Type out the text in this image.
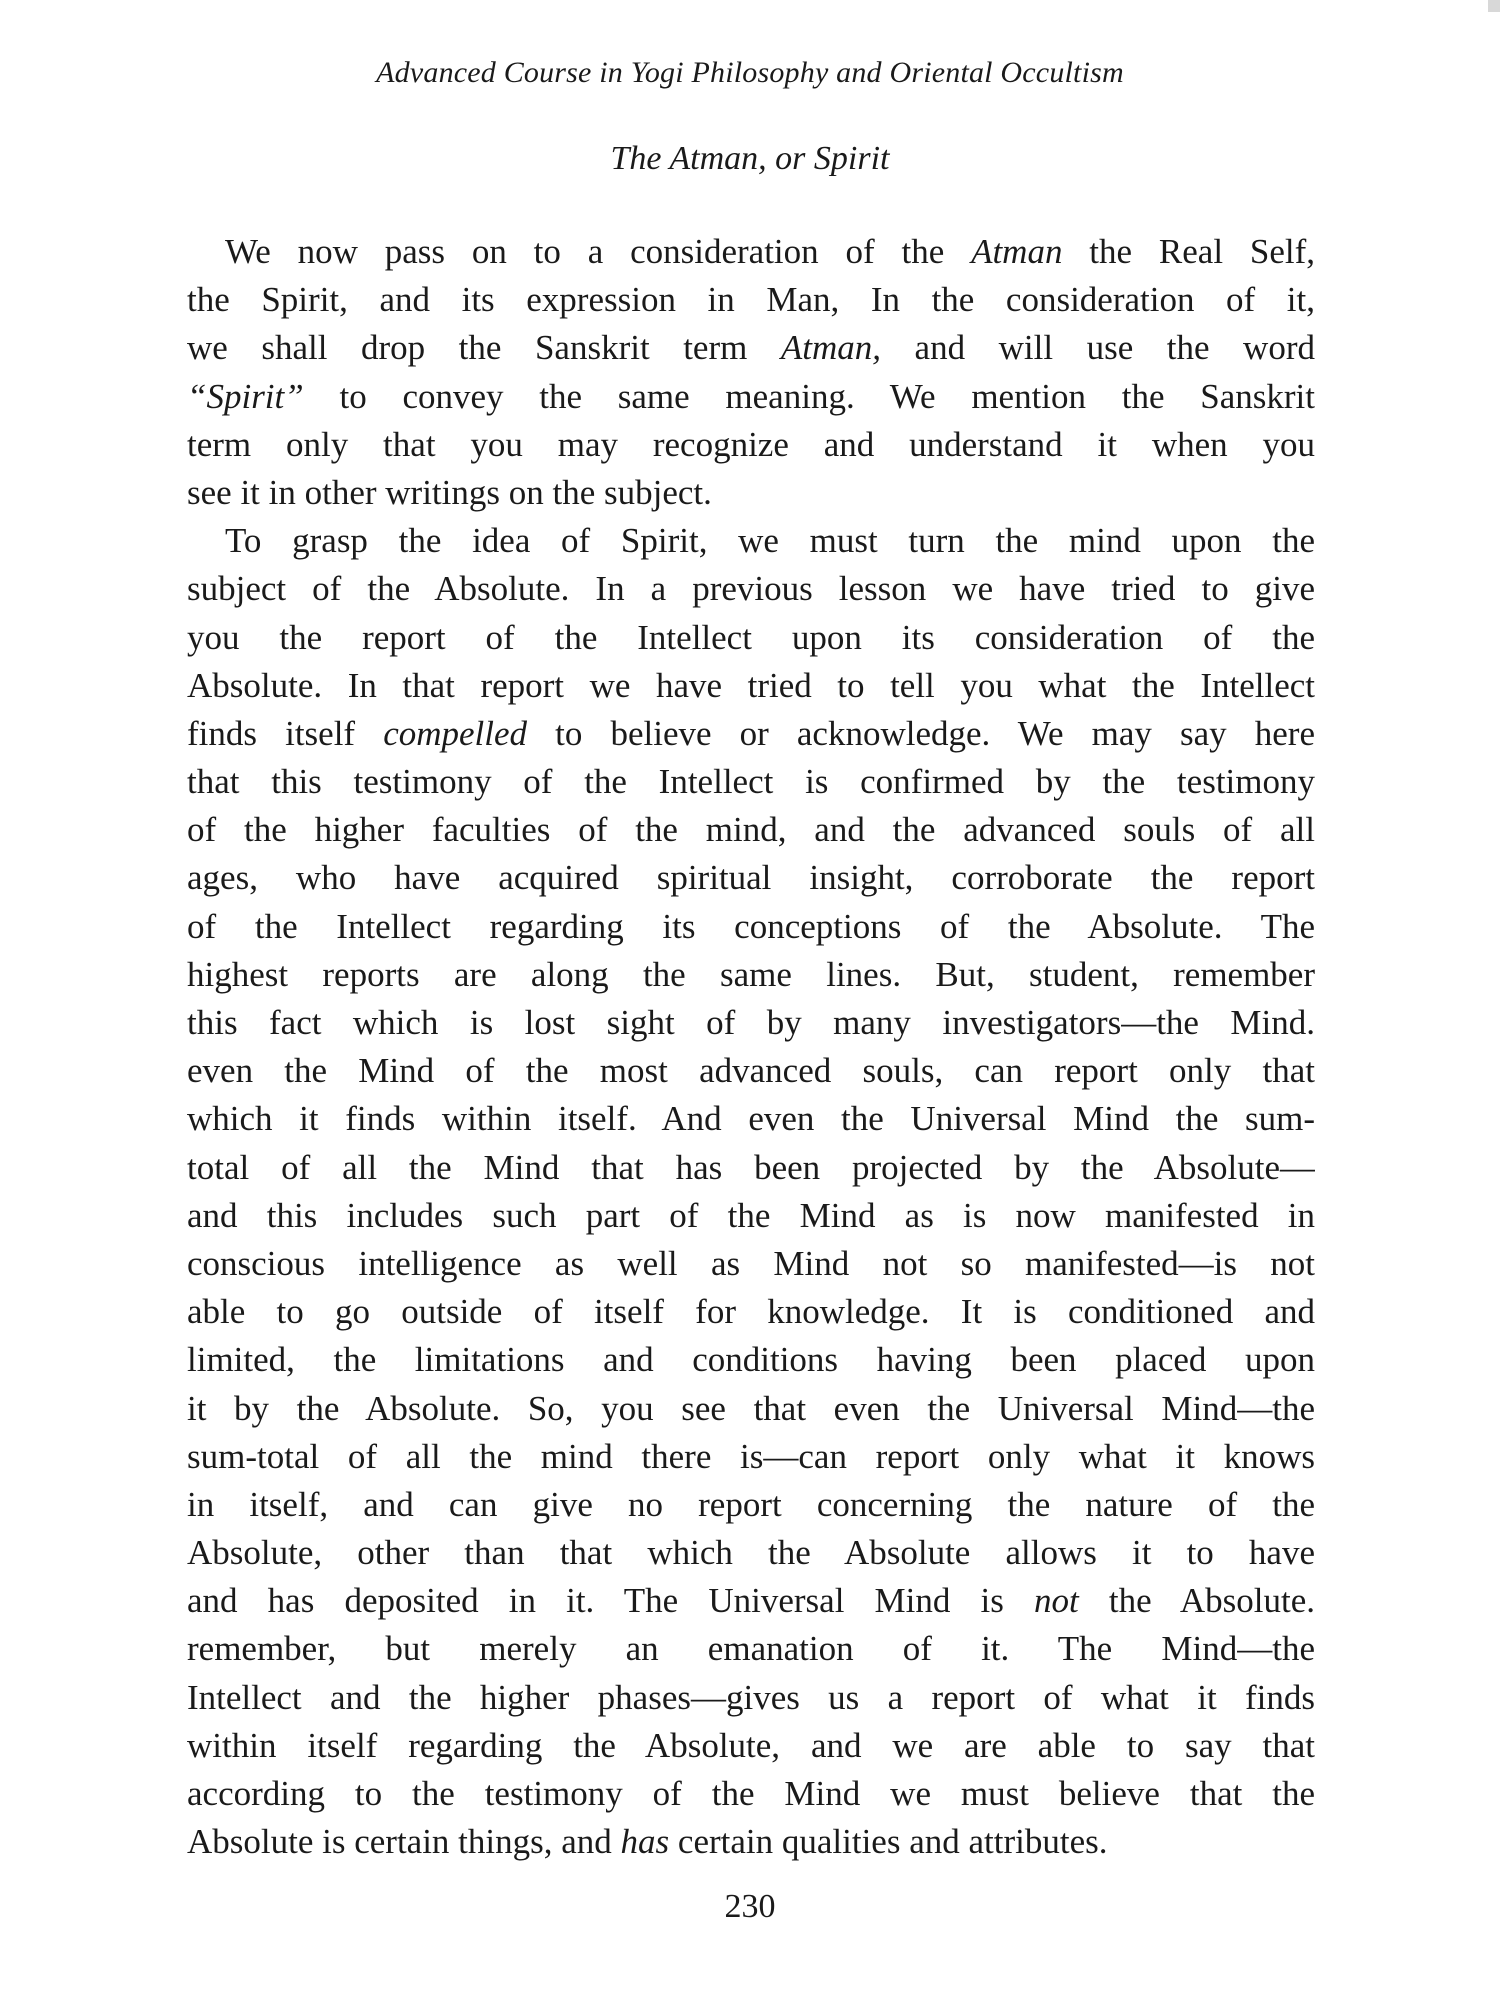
Advanced Course in Yogi Philosophy and Oriental Occultism
The Atman, or Spirit
We now pass on to a consideration of the Atman the Real Self,
the Spirit, and its expression in Man, In the consideration of it,
we shall drop the Sanskrit term Atman, and will use the word
“Spirit” to convey the same meaning. We mention the Sanskrit
term only that you may recognize and understand it when you
see it in other writings on the subject.
To grasp the idea of Spirit, we must turn the mind upon the
subject of the Absolute. In a previous lesson we have tried to give
you the report of the Intellect upon its consideration of the
Absolute. In that report we have tried to tell you what the Intellect
finds itself compelled to believe or acknowledge. We may say here
that this testimony of the Intellect is confirmed by the testimony
of the higher faculties of the mind, and the advanced souls of all
ages, who have acquired spiritual insight, corroborate the report
of the Intellect regarding its conceptions of the Absolute. The
highest reports are along the same lines. But, student, remember
this fact which is lost sight of by many investigators—the Mind.
even the Mind of the most advanced souls, can report only that
which it finds within itself. And even the Universal Mind the sum-
total of all the Mind that has been projected by the Absolute—
and this includes such part of the Mind as is now manifested in
conscious intelligence as well as Mind not so manifested—is not
able to go outside of itself for knowledge. It is conditioned and
limited, the limitations and conditions having been placed upon
it by the Absolute. So, you see that even the Universal Mind—the
sum-total of all the mind there is—can report only what it knows
in itself, and can give no report concerning the nature of the
Absolute, other than that which the Absolute allows it to have
and has deposited in it. The Universal Mind is not the Absolute.
remember, but merely an emanation of it. The Mind—the
Intellect and the higher phases—gives us a report of what it finds
within itself regarding the Absolute, and we are able to say that
according to the testimony of the Mind we must believe that the
Absolute is certain things, and has certain qualities and attributes.
230
